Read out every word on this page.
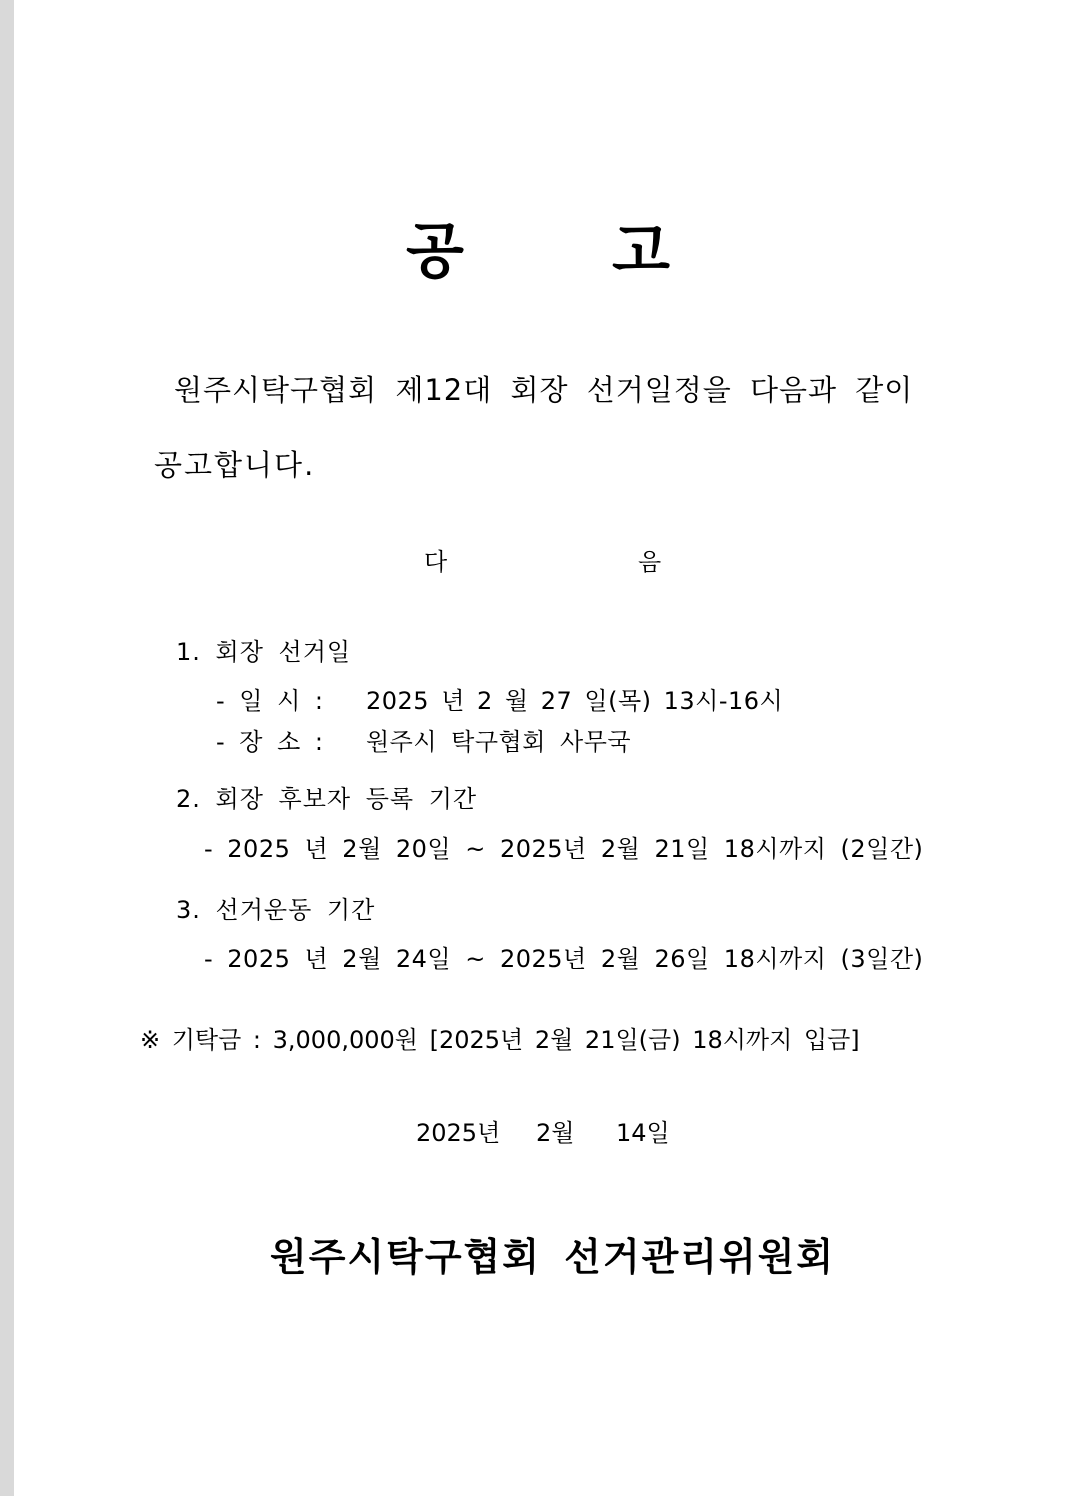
공 고
원주시탁구협회 제12대 회장 선거일정을 다음과 같이
공고합니다.
다	음
1. 회장 선거일
- 일 시 : 2025 년 2 월 27 일(목) 13시-16시
- 장 소 : 원주시 탁구협회 사무국
2. 회장 후보자 등록 기간
- 2025 년 2월 20일 ~ 2025년 2월 21일 18시까지 (2일간)
3. 선거운동 기간
- 2025 년 2월 24일 ~ 2025년 2월 26일 18시까지 (3일간)
※ 기탁금 : 3,000,000원 [2025년 2월 21일(금) 18시까지 입금]
2025년 2월 14일
원주시탁구협회 선거관리위원회
